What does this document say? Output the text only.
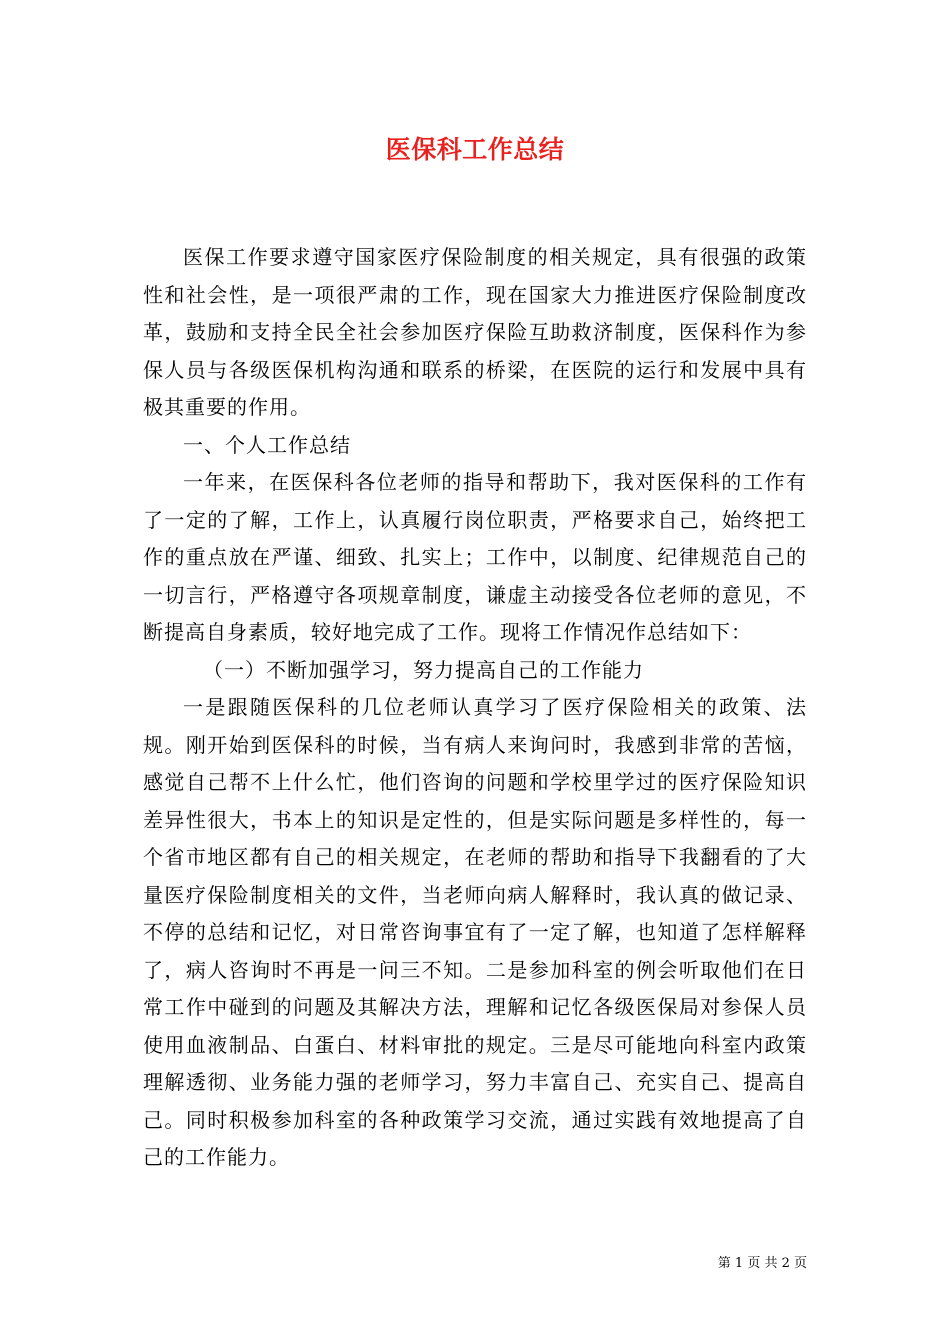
医保科工作总结

医保工作要求遵守国家医疗保险制度的相关规定，具有很强的政策性和社会性，是一项很严肃的工作，现在国家大力推进医疗保险制度改革，鼓励和支持全民全社会参加医疗保险互助救济制度，医保科作为参保人员与各级医保机构沟通和联系的桥梁，在医院的运行和发展中具有极其重要的作用。

一、个人工作总结

一年来，在医保科各位老师的指导和帮助下，我对医保科的工作有了一定的了解，工作上，认真履行岗位职责，严格要求自己，始终把工作的重点放在严谨、细致、扎实上；工作中，以制度、纪律规范自己的一切言行，严格遵守各项规章制度，谦虚主动接受各位老师的意见，不断提高自身素质，较好地完成了工作。现将工作情况作总结如下：

（一）不断加强学习，努力提高自己的工作能力

一是跟随医保科的几位老师认真学习了医疗保险相关的政策、法规。刚开始到医保科的时候，当有病人来询问时，我感到非常的苦恼，感觉自己帮不上什么忙，他们咨询的问题和学校里学过的医疗保险知识差异性很大，书本上的知识是定性的，但是实际问题是多样性的，每一个省市地区都有自己的相关规定，在老师的帮助和指导下我翻看的了大量医疗保险制度相关的文件，当老师向病人解释时，我认真的做记录、不停的总结和记忆，对日常咨询事宜有了一定了解，也知道了怎样解释了，病人咨询时不再是一问三不知。二是参加科室的例会听取他们在日常工作中碰到的问题及其解决方法，理解和记忆各级医保局对参保人员使用血液制品、白蛋白、材料审批的规定。三是尽可能地向科室内政策理解透彻、业务能力强的老师学习，努力丰富自己、充实自己、提高自己。同时积极参加科室的各种政策学习交流，通过实践有效地提高了自己的工作能力。

第 1 页 共 2 页
